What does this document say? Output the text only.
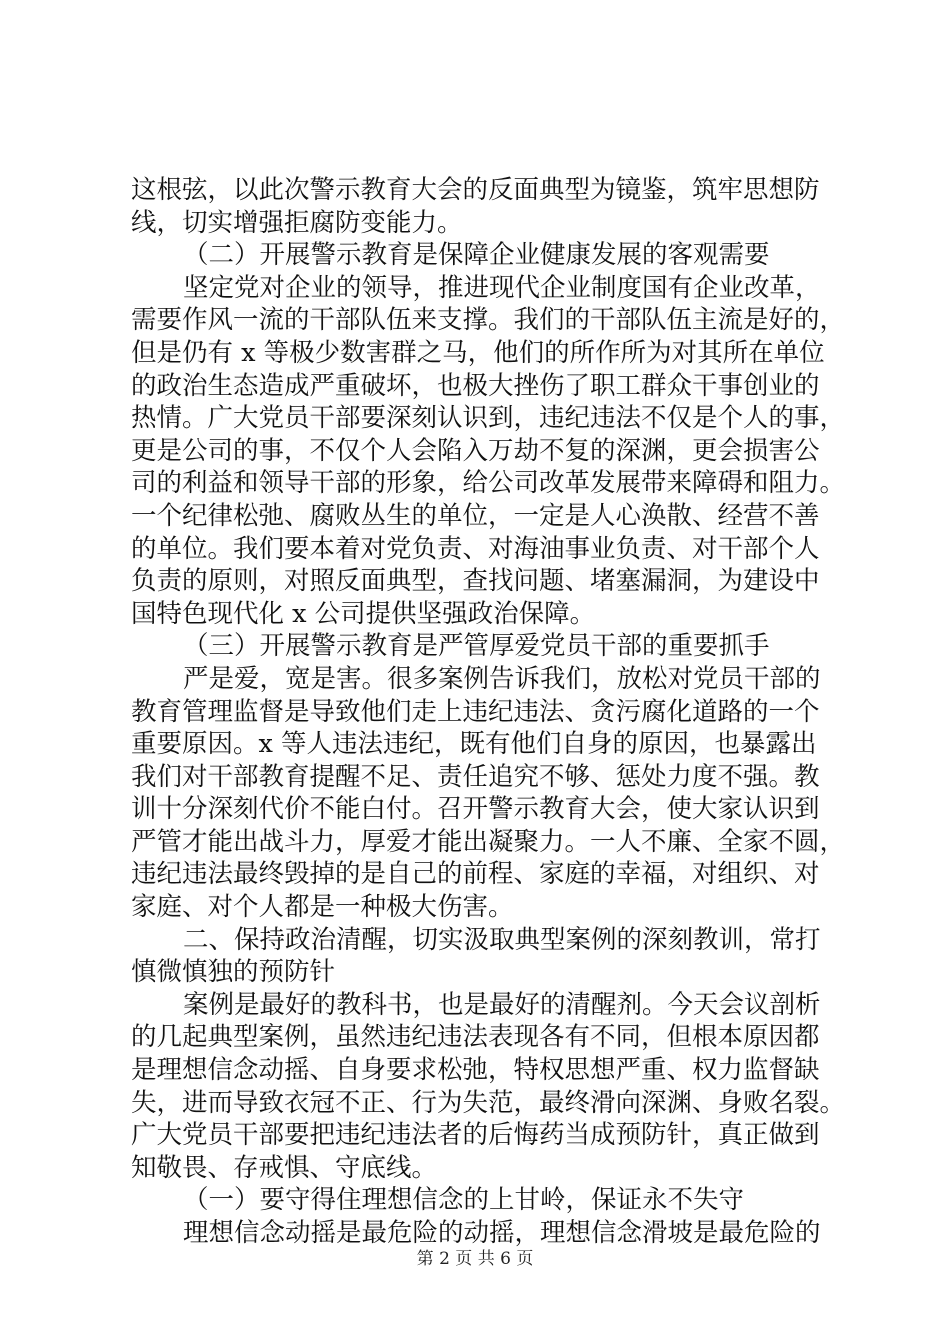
这根弦，以此次警示教育大会的反面典型为镜鉴，筑牢思想防
线，切实增强拒腐防变能力。
（二）开展警示教育是保障企业健康发展的客观需要
坚定党对企业的领导，推进现代企业制度国有企业改革，
需要作风一流的干部队伍来支撑。我们的干部队伍主流是好的，
但是仍有 x 等极少数害群之马，他们的所作所为对其所在单位
的政治生态造成严重破坏，也极大挫伤了职工群众干事创业的
热情。广大党员干部要深刻认识到，违纪违法不仅是个人的事，
更是公司的事，不仅个人会陷入万劫不复的深渊，更会损害公
司的利益和领导干部的形象，给公司改革发展带来障碍和阻力。
一个纪律松弛、腐败丛生的单位，一定是人心涣散、经营不善
的单位。我们要本着对党负责、对海油事业负责、对干部个人
负责的原则，对照反面典型，查找问题、堵塞漏洞，为建设中
国特色现代化 x 公司提供坚强政治保障。
（三）开展警示教育是严管厚爱党员干部的重要抓手
严是爱，宽是害。很多案例告诉我们，放松对党员干部的
教育管理监督是导致他们走上违纪违法、贪污腐化道路的一个
重要原因。x 等人违法违纪，既有他们自身的原因，也暴露出
我们对干部教育提醒不足、责任追究不够、惩处力度不强。教
训十分深刻代价不能白付。召开警示教育大会，使大家认识到
严管才能出战斗力，厚爱才能出凝聚力。一人不廉、全家不圆，
违纪违法最终毁掉的是自己的前程、家庭的幸福，对组织、对
家庭、对个人都是一种极大伤害。
二、保持政治清醒，切实汲取典型案例的深刻教训，常打
慎微慎独的预防针
案例是最好的教科书，也是最好的清醒剂。今天会议剖析
的几起典型案例，虽然违纪违法表现各有不同，但根本原因都
是理想信念动摇、自身要求松弛，特权思想严重、权力监督缺
失，进而导致衣冠不正、行为失范，最终滑向深渊、身败名裂。
广大党员干部要把违纪违法者的后悔药当成预防针，真正做到
知敬畏、存戒惧、守底线。
（一）要守得住理想信念的上甘岭，保证永不失守
理想信念动摇是最危险的动摇，理想信念滑坡是最危险的
第 2 页 共 6 页
